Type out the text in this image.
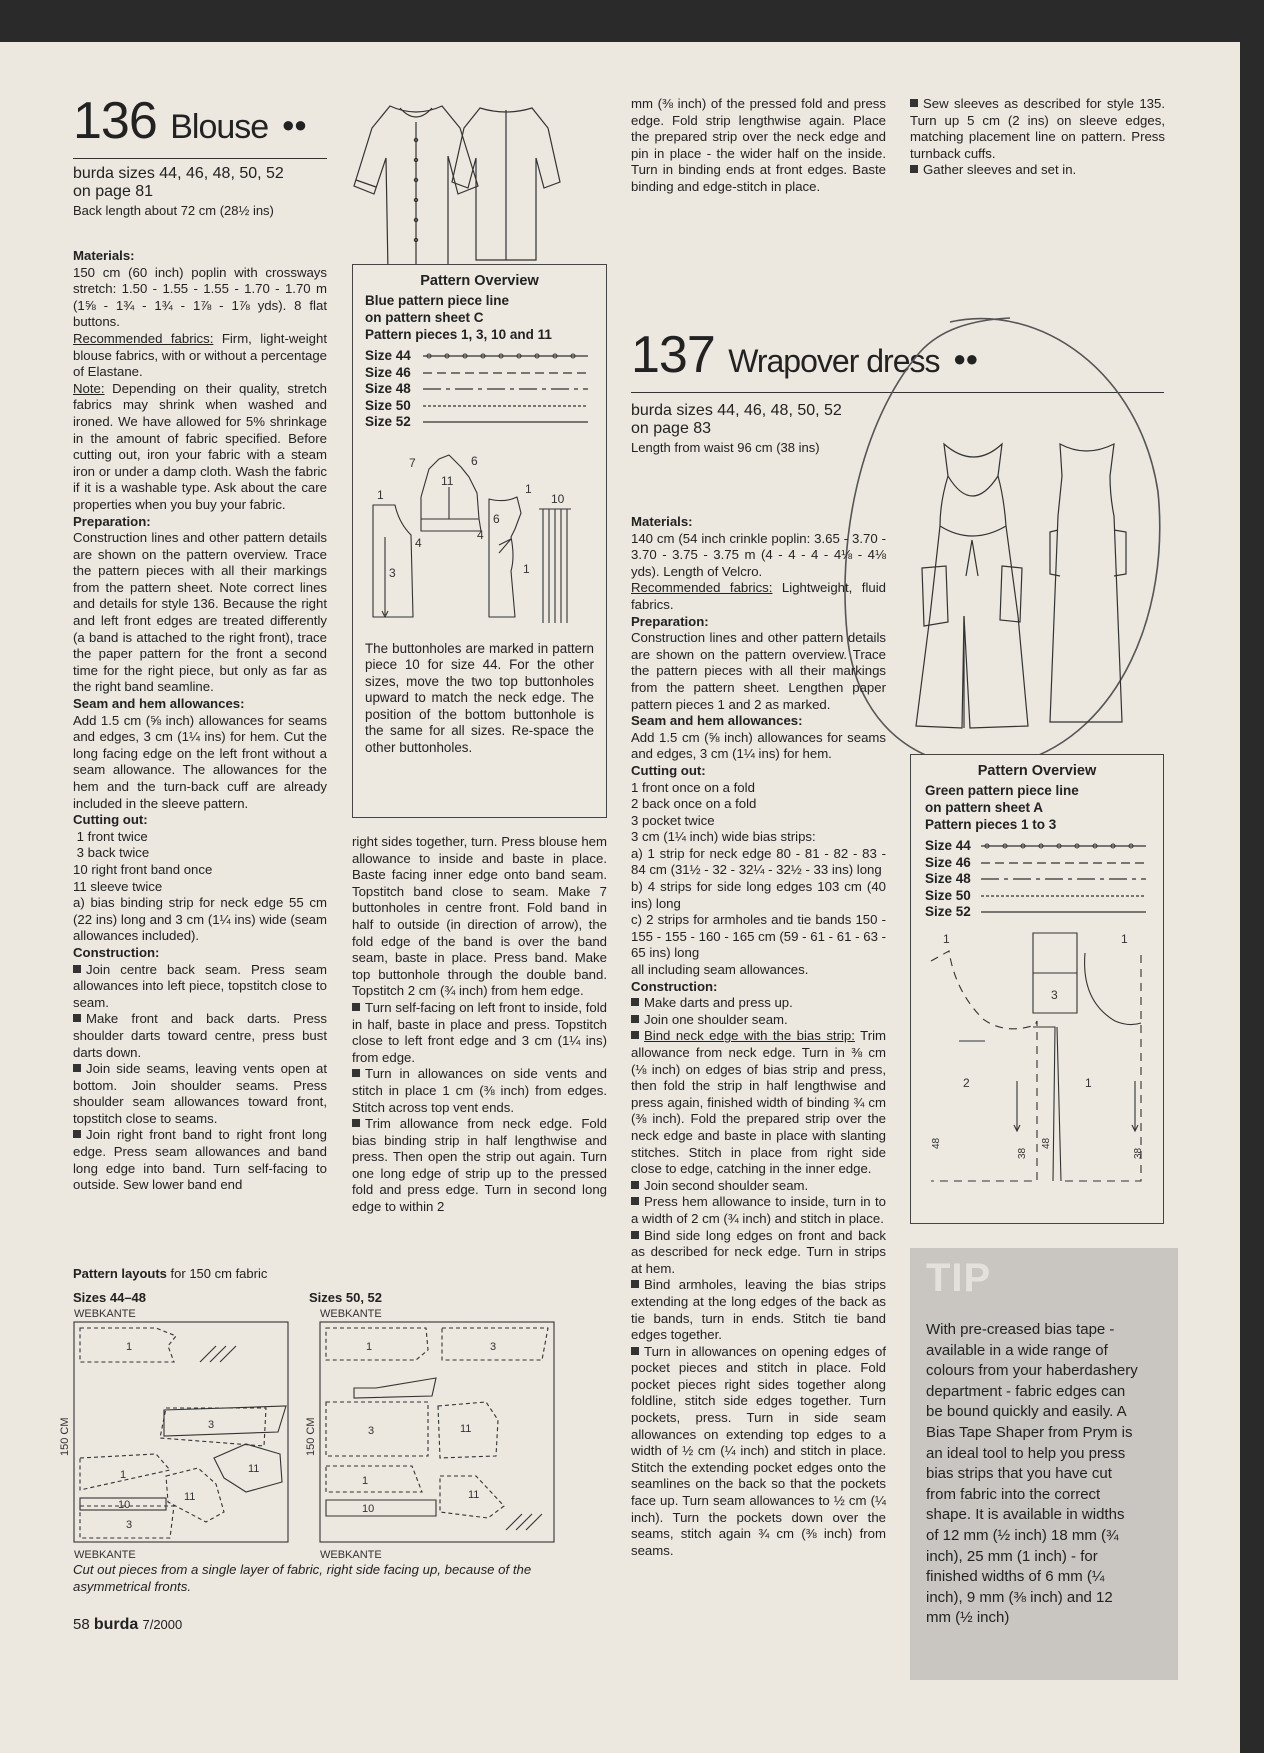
136 Blouse ●●
burda sizes 44, 46, 48, 50, 52
on page 81
Back length about 72 cm (28½ ins)

Materials:

150 cm (60 inch) poplin with crossways stretch: 1.50 - 1.55 - 1.55 - 1.70 - 1.70 m (1⅝ - 1¾ - 1¾ - 1⅞ - 1⅞ yds). 8 flat buttons.

Recommended fabrics: Firm, light-weight blouse fabrics, with or without a percentage of Elastane.

Note: Depending on their quality, stretch fabrics may shrink when washed and ironed. We have allowed for 5% shrinkage in the amount of fabric specified. Before cutting out, iron your fabric with a steam iron or under a damp cloth. Wash the fabric if it is a washable type. Ask about the care properties when you buy your fabric.

Preparation:

Construction lines and other pattern details are shown on the pattern overview. Trace the pattern pieces with all their markings from the pattern sheet. Note correct lines and details for style 136. Because the right and left front edges are treated differently (a band is attached to the right front), trace the paper pattern for the front a second time for the right piece, but only as far as the right band seamline.

Seam and hem allowances:

Add 1.5 cm (⅝ inch) allowances for seams and edges, 3 cm (1¼ ins) for hem. Cut the long facing edge on the left front without a seam allowance. The allowances for the hem and the turn-back cuff are already included in the sleeve pattern.

Cutting out:

1 front twice

3 back twice

10 right front band once

11 sleeve twice

a) bias binding strip for neck edge 55 cm (22 ins) long and 3 cm (1¼ ins) wide (seam allowances included).

Construction:

Join centre back seam. Press seam allowances into left piece, topstitch close to seam.

Make front and back darts. Press shoulder darts toward centre, press bust darts down.

Join side seams, leaving vents open at bottom. Join shoulder seams. Press shoulder seam allowances toward front, topstitch close to seams.

Join right front band to right front long edge. Press seam allowances and band long edge into band. Turn self-facing to outside. Sew lower band end

Pattern Overview
Blue pattern piece line
on pattern sheet C
Pattern pieces 1, 3, 10 and 11
Size 44
Size 46
Size 48
Size 50
Size 52
1
7
11
6
1
10
3
4
4
6
1
The buttonholes are marked in pattern piece 10 for size 44. For the other sizes, move the two top buttonholes upward to match the neck edge. The position of the bottom buttonhole is the same for all sizes. Re-space the other buttonholes.

right sides together, turn. Press blouse hem allowance to inside and baste in place. Baste facing inner edge onto band seam. Topstitch band close to seam. Make 7 buttonholes in centre front. Fold band in half to outside (in direction of arrow), the fold edge of the band is over the band seam, baste in place. Press band. Make top buttonhole through the double band. Topstitch 2 cm (¾ inch) from hem edge.

Turn self-facing on left front to inside, fold in half, baste in place and press. Topstitch close to left front edge and 3 cm (1¼ ins) from edge.

Turn in allowances on side vents and stitch in place 1 cm (⅜ inch) from edges. Stitch across top vent ends.

Trim allowance from neck edge. Fold bias binding strip in half lengthwise and press. Then open the strip out again. Turn one long edge of strip up to the pressed fold and press edge. Turn in second long edge to within 2

Pattern layouts for 150 cm fabric
Sizes 44–48	Sizes 50, 52
WEBKANTE
WEBKANTE
WEBKANTE
WEBKANTE
150 CM	150 CM
1
3
1	11
10
11
3
1	3
3	11
1
11
10
Cut out pieces from a single layer of fabric, right side facing up, because of the asymmetrical fronts.
58 burda 7/2000
mm (⅜ inch) of the pressed fold and press edge. Fold strip lengthwise again. Place the prepared strip over the neck edge and pin in place - the wider half on the inside. Turn in binding ends at front edges. Baste binding and edge-stitch in place.

Sew sleeves as described for style 135. Turn up 5 cm (2 ins) on sleeve edges, matching placement line on pattern. Press turnback cuffs.

Gather sleeves and set in.

137 Wrapover dress ●●
burda sizes 44, 46, 48, 50, 52
on page 83
Length from waist 96 cm (38 ins)

Materials:

140 cm (54 inch crinkle poplin: 3.65 - 3.70 - 3.70 - 3.75 - 3.75 m (4 - 4 - 4 - 4⅛ - 4⅛ yds). Length of Velcro.

Recommended fabrics: Lightweight, fluid fabrics.

Preparation:

Construction lines and other pattern details are shown on the pattern overview. Trace the pattern pieces with all their markings from the pattern sheet. Lengthen paper pattern pieces 1 and 2 as marked.

Seam and hem allowances:

Add 1.5 cm (⅝ inch) allowances for seams and edges, 3 cm (1¼ ins) for hem.

Cutting out:

1 front once on a fold

2 back once on a fold

3 pocket twice

3 cm (1¼ inch) wide bias strips:

a) 1 strip for neck edge 80 - 81 - 82 - 83 - 84 cm (31½ - 32 - 32¼ - 32½ - 33 ins) long

b) 4 strips for side long edges 103 cm (40 ins) long

c) 2 strips for armholes and tie bands 150 - 155 - 155 - 160 - 165 cm (59 - 61 - 61 - 63 - 65 ins) long

all including seam allowances.

Construction:

Make darts and press up.

Join one shoulder seam.

Bind neck edge with the bias strip: Trim allowance from neck edge. Turn in ⅜ cm (⅛ inch) on edges of bias strip and press, then fold the strip in half lengthwise and press again, finished width of binding ¾ cm (⅜ inch). Fold the prepared strip over the neck edge and baste in place with slanting stitches. Stitch in place from right side close to edge, catching in the inner edge.

Join second shoulder seam.

Press hem allowance to inside, turn in to a width of 2 cm (¾ inch) and stitch in place.

Bind side long edges on front and back as described for neck edge. Turn in strips at hem.

Bind armholes, leaving the bias strips extending at the long edges of the back as tie bands, turn in ends. Stitch tie band edges together.

Turn in allowances on opening edges of pocket pieces and stitch in place. Fold pocket pieces right sides together along foldline, stitch side edges together. Turn pockets, press. Turn in side seam allowances on extending top edges to a width of ½ cm (¼ inch) and stitch in place. Stitch the extending pocket edges onto the seamlines on the back so that the pockets face up. Turn seam allowances to ½ cm (¼ inch). Turn the pockets down over the seams, stitch again ¾ cm (⅜ inch) from seams.

Pattern Overview
Green pattern piece line
on pattern sheet A
Pattern pieces 1 to 3
Size 44
Size 46
Size 48
Size 50
Size 52
1	1
3
2	1
48
38
48
38
TIP
With pre-creased bias tape - available in a wide range of colours from your haberdashery department - fabric edges can be bound quickly and easily. A Bias Tape Shaper from Prym is an ideal tool to help you press bias strips that you have cut from fabric into the correct shape. It is available in widths of 12 mm (½ inch) 18 mm (¾ inch), 25 mm (1 inch) - for finished widths of 6 mm (¼ inch), 9 mm (⅜ inch) and 12 mm (½ inch)
